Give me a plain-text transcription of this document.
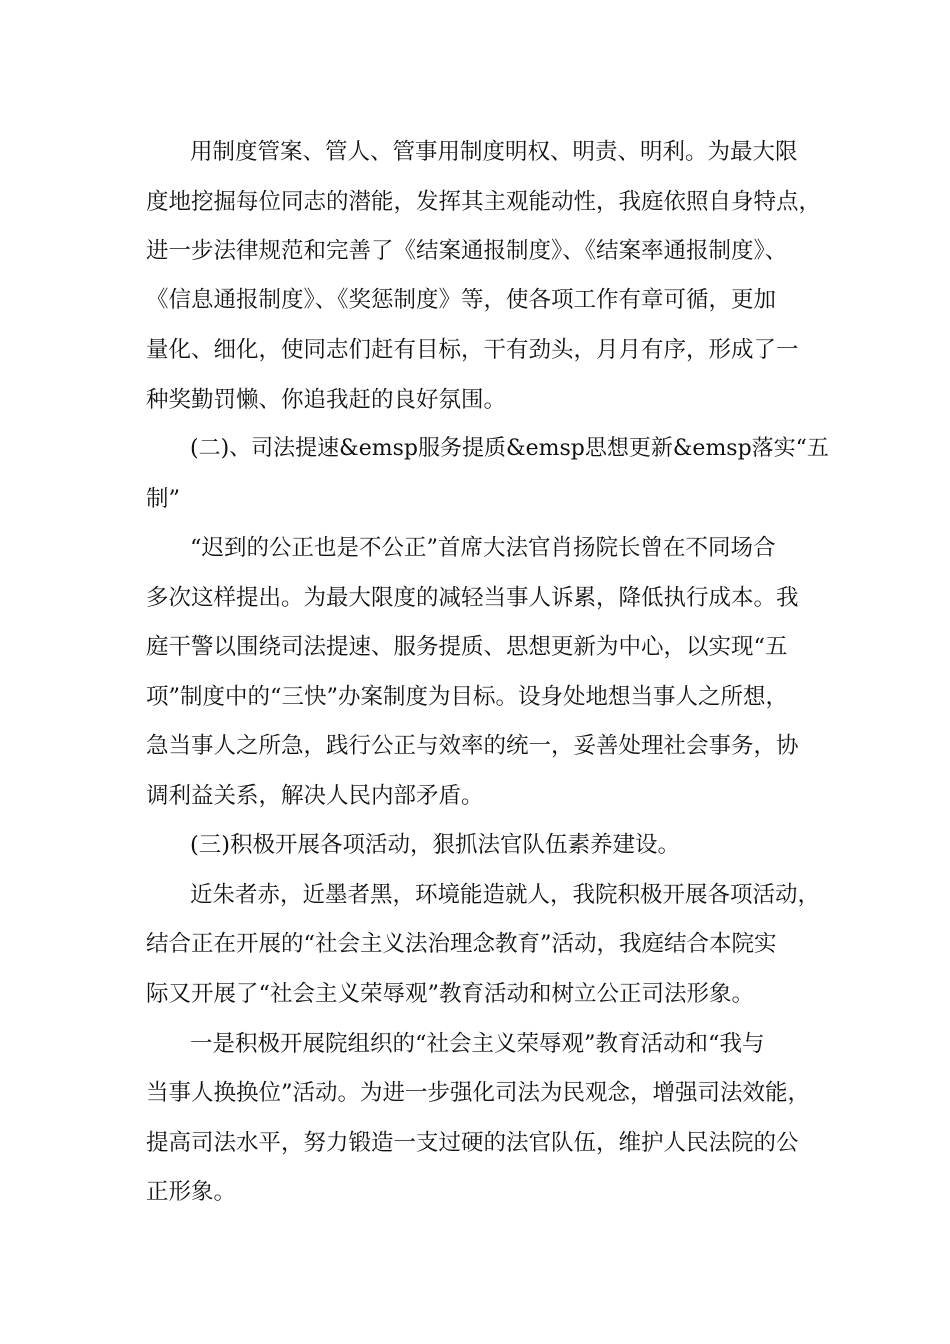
用制度管案、管人、管事用制度明权、明责、明利。为最大限

度地挖掘每位同志的潜能，发挥其主观能动性，我庭依照自身特点，

进一步法律规范和完善了《结案通报制度》、《结案率通报制度》、

《信息通报制度》、《奖惩制度》等，使各项工作有章可循，更加

量化、细化，使同志们赶有目标，干有劲头，月月有序，形成了一

种奖勤罚懒、你追我赶的良好氛围。

(二)、司法提速&emsp服务提质&emsp思想更新&emsp落实“五

制”

“迟到的公正也是不公正”首席大法官肖扬院长曾在不同场合

多次这样提出。为最大限度的减轻当事人诉累，降低执行成本。我

庭干警以围绕司法提速、服务提质、思想更新为中心，以实现“五

项”制度中的“三快”办案制度为目标。设身处地想当事人之所想，

急当事人之所急，践行公正与效率的统一，妥善处理社会事务，协

调利益关系，解决人民内部矛盾。

(三)积极开展各项活动，狠抓法官队伍素养建设。

近朱者赤，近墨者黑，环境能造就人，我院积极开展各项活动，

结合正在开展的“社会主义法治理念教育”活动，我庭结合本院实

际又开展了“社会主义荣辱观”教育活动和树立公正司法形象。

一是积极开展院组织的“社会主义荣辱观”教育活动和“我与

当事人换换位”活动。为进一步强化司法为民观念，增强司法效能，

提高司法水平，努力锻造一支过硬的法官队伍，维护人民法院的公

正形象。
